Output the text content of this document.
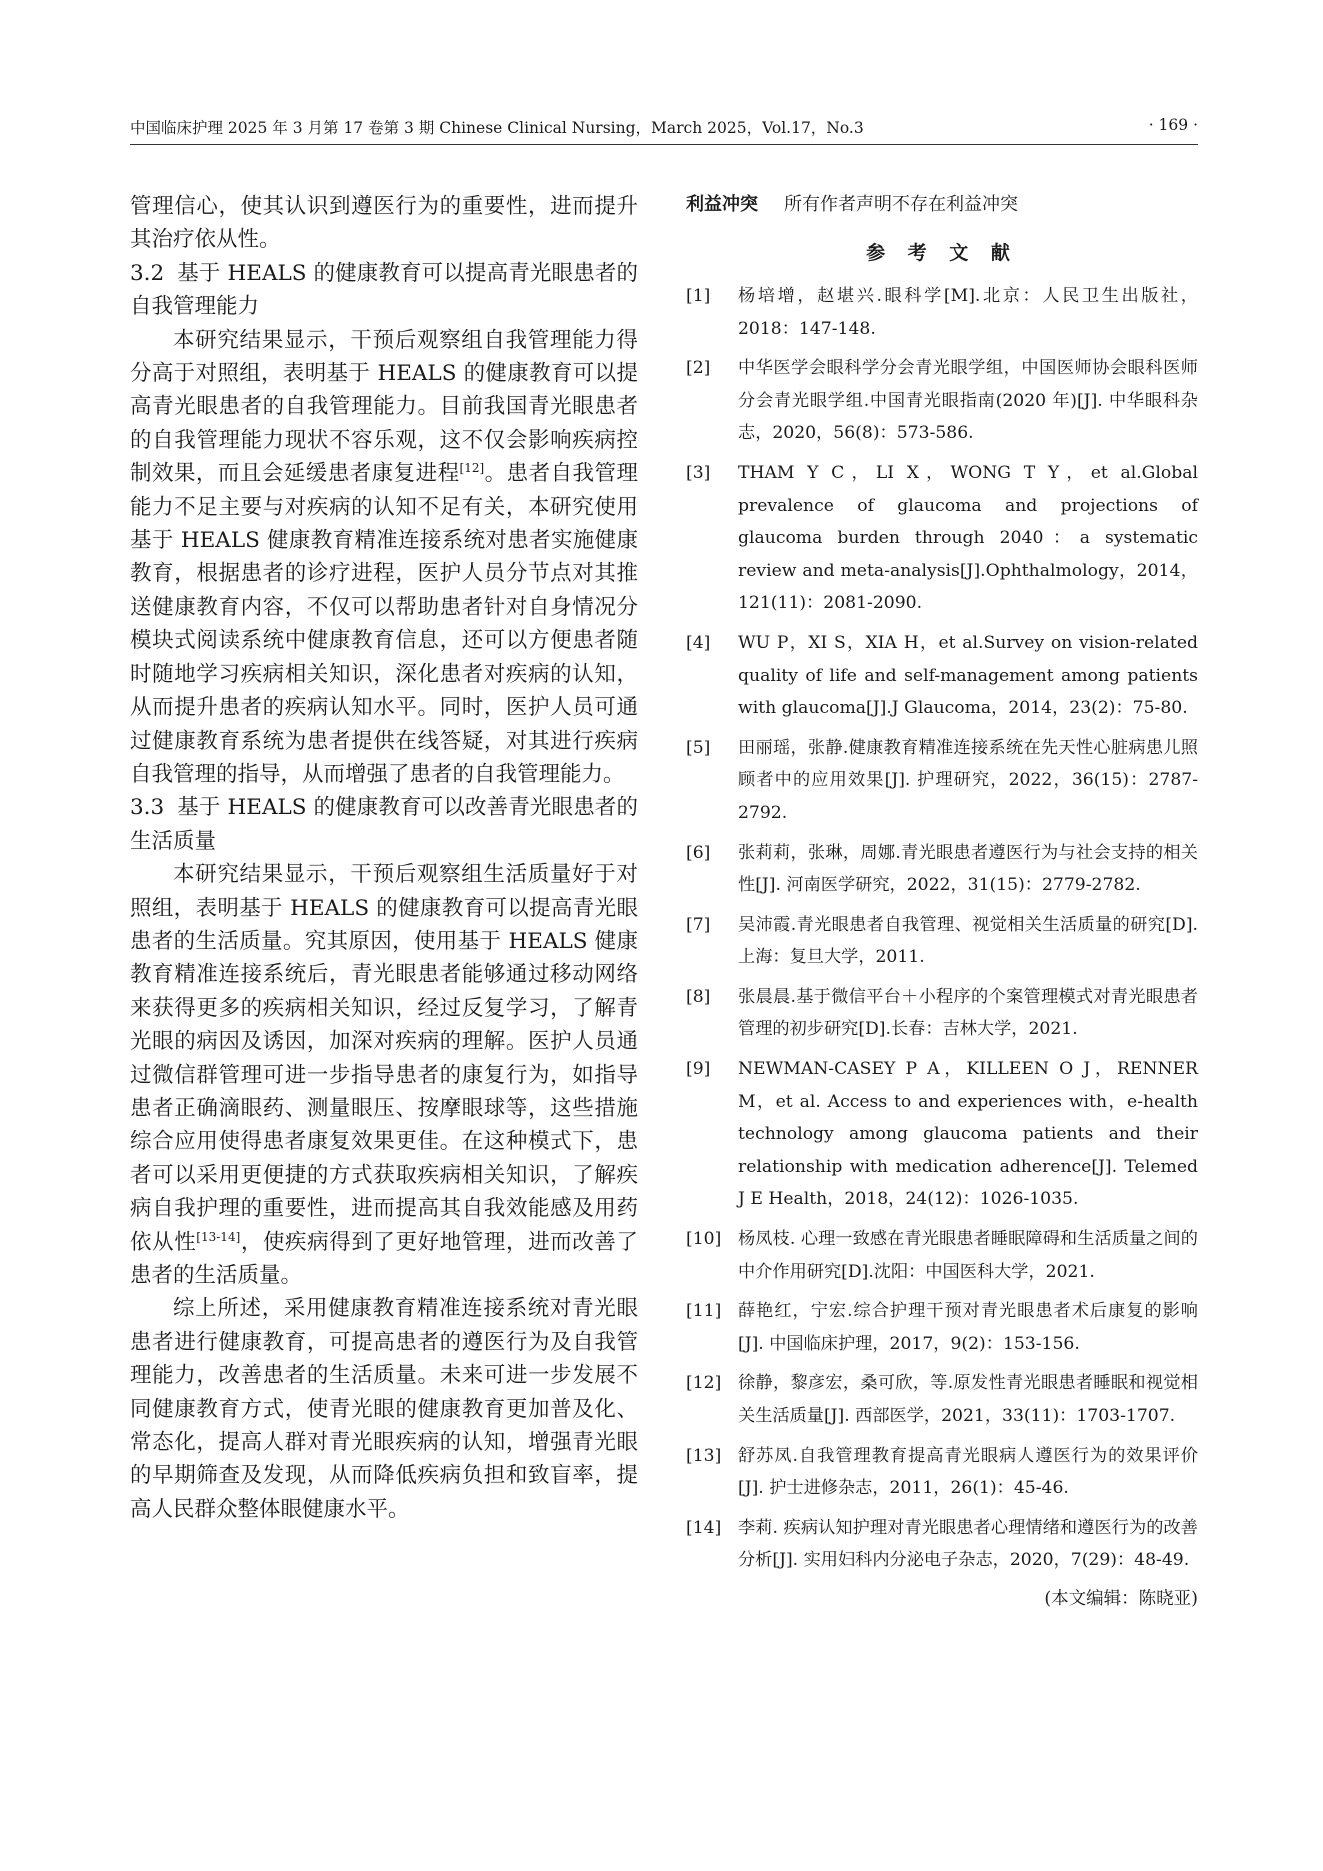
中国临床护理 2025 年 3 月第 17 卷第 3 期 Chinese Clinical Nursing，March 2025，Vol.17，No.3	· 169 ·

管理信心，使其认识到遵医行为的重要性，进而提升其治疗依从性。

3.2 基于 HEALS 的健康教育可以提高青光眼患者的自我管理能力

本研究结果显示，干预后观察组自我管理能力得分高于对照组，表明基于 HEALS 的健康教育可以提高青光眼患者的自我管理能力。目前我国青光眼患者的自我管理能力现状不容乐观，这不仅会影响疾病控制效果，而且会延缓患者康复进程[12]。患者自我管理能力不足主要与对疾病的认知不足有关，本研究使用基于 HEALS 健康教育精准连接系统对患者实施健康教育，根据患者的诊疗进程，医护人员分节点对其推送健康教育内容，不仅可以帮助患者针对自身情况分模块式阅读系统中健康教育信息，还可以方便患者随时随地学习疾病相关知识，深化患者对疾病的认知，从而提升患者的疾病认知水平。同时，医护人员可通过健康教育系统为患者提供在线答疑，对其进行疾病自我管理的指导，从而增强了患者的自我管理能力。

3.3 基于 HEALS 的健康教育可以改善青光眼患者的生活质量

本研究结果显示，干预后观察组生活质量好于对照组，表明基于 HEALS 的健康教育可以提高青光眼患者的生活质量。究其原因，使用基于 HEALS 健康教育精准连接系统后，青光眼患者能够通过移动网络来获得更多的疾病相关知识，经过反复学习，了解青光眼的病因及诱因，加深对疾病的理解。医护人员通过微信群管理可进一步指导患者的康复行为，如指导患者正确滴眼药、测量眼压、按摩眼球等，这些措施综合应用使得患者康复效果更佳。在这种模式下，患者可以采用更便捷的方式获取疾病相关知识，了解疾病自我护理的重要性，进而提高其自我效能感及用药依从性[13-14]，使疾病得到了更好地管理，进而改善了患者的生活质量。

综上所述，采用健康教育精准连接系统对青光眼患者进行健康教育，可提高患者的遵医行为及自我管理能力，改善患者的生活质量。未来可进一步发展不同健康教育方式，使青光眼的健康教育更加普及化、常态化，提高人群对青光眼疾病的认知，增强青光眼的早期筛查及发现，从而降低疾病负担和致盲率，提高人民群众整体眼健康水平。

利益冲突 所有作者声明不存在利益冲突

参 考 文 献

[1] 杨培增，赵堪兴.眼科学[M].北京：人民卫生出版社，2018：147-148.
[2] 中华医学会眼科学分会青光眼学组，中国医师协会眼科医师分会青光眼学组.中国青光眼指南(2020 年)[J]. 中华眼科杂志，2020，56(8)：573-586.
[3] THAM Y C，LI X，WONG T Y，et al.Global prevalence of glaucoma and projections of glaucoma burden through 2040：a systematic review and meta-analysis[J].Ophthalmology，2014，121(11)：2081-2090.
[4] WU P，XI S，XIA H，et al.Survey on vision-related quality of life and self-management among patients with glaucoma[J].J Glaucoma，2014，23(2)：75-80.
[5] 田丽瑶，张静.健康教育精准连接系统在先天性心脏病患儿照顾者中的应用效果[J]. 护理研究，2022，36(15)：2787-2792.
[6] 张莉莉，张琳，周娜.青光眼患者遵医行为与社会支持的相关性[J]. 河南医学研究，2022，31(15)：2779-2782.
[7] 吴沛霞.青光眼患者自我管理、视觉相关生活质量的研究[D].上海：复旦大学，2011.
[8] 张晨晨.基于微信平台＋小程序的个案管理模式对青光眼患者管理的初步研究[D].长春：吉林大学，2021.
[9] NEWMAN-CASEY P A，KILLEEN O J，RENNER M，et al. Access to and experiences with，e-health technology among glaucoma patients and their relationship with medication adherence[J]. Telemed J E Health，2018，24(12)：1026-1035.
[10] 杨凤枝. 心理一致感在青光眼患者睡眠障碍和生活质量之间的中介作用研究[D].沈阳：中国医科大学，2021.
[11] 薛艳红，宁宏.综合护理干预对青光眼患者术后康复的影响[J]. 中国临床护理，2017，9(2)：153-156.
[12] 徐静，黎彦宏，桑可欣，等.原发性青光眼患者睡眠和视觉相关生活质量[J]. 西部医学，2021，33(11)：1703-1707.
[13] 舒苏凤.自我管理教育提高青光眼病人遵医行为的效果评价[J]. 护士进修杂志，2011，26(1)：45-46.
[14] 李莉. 疾病认知护理对青光眼患者心理情绪和遵医行为的改善分析[J]. 实用妇科内分泌电子杂志，2020，7(29)：48-49.

(本文编辑：陈晓亚)
